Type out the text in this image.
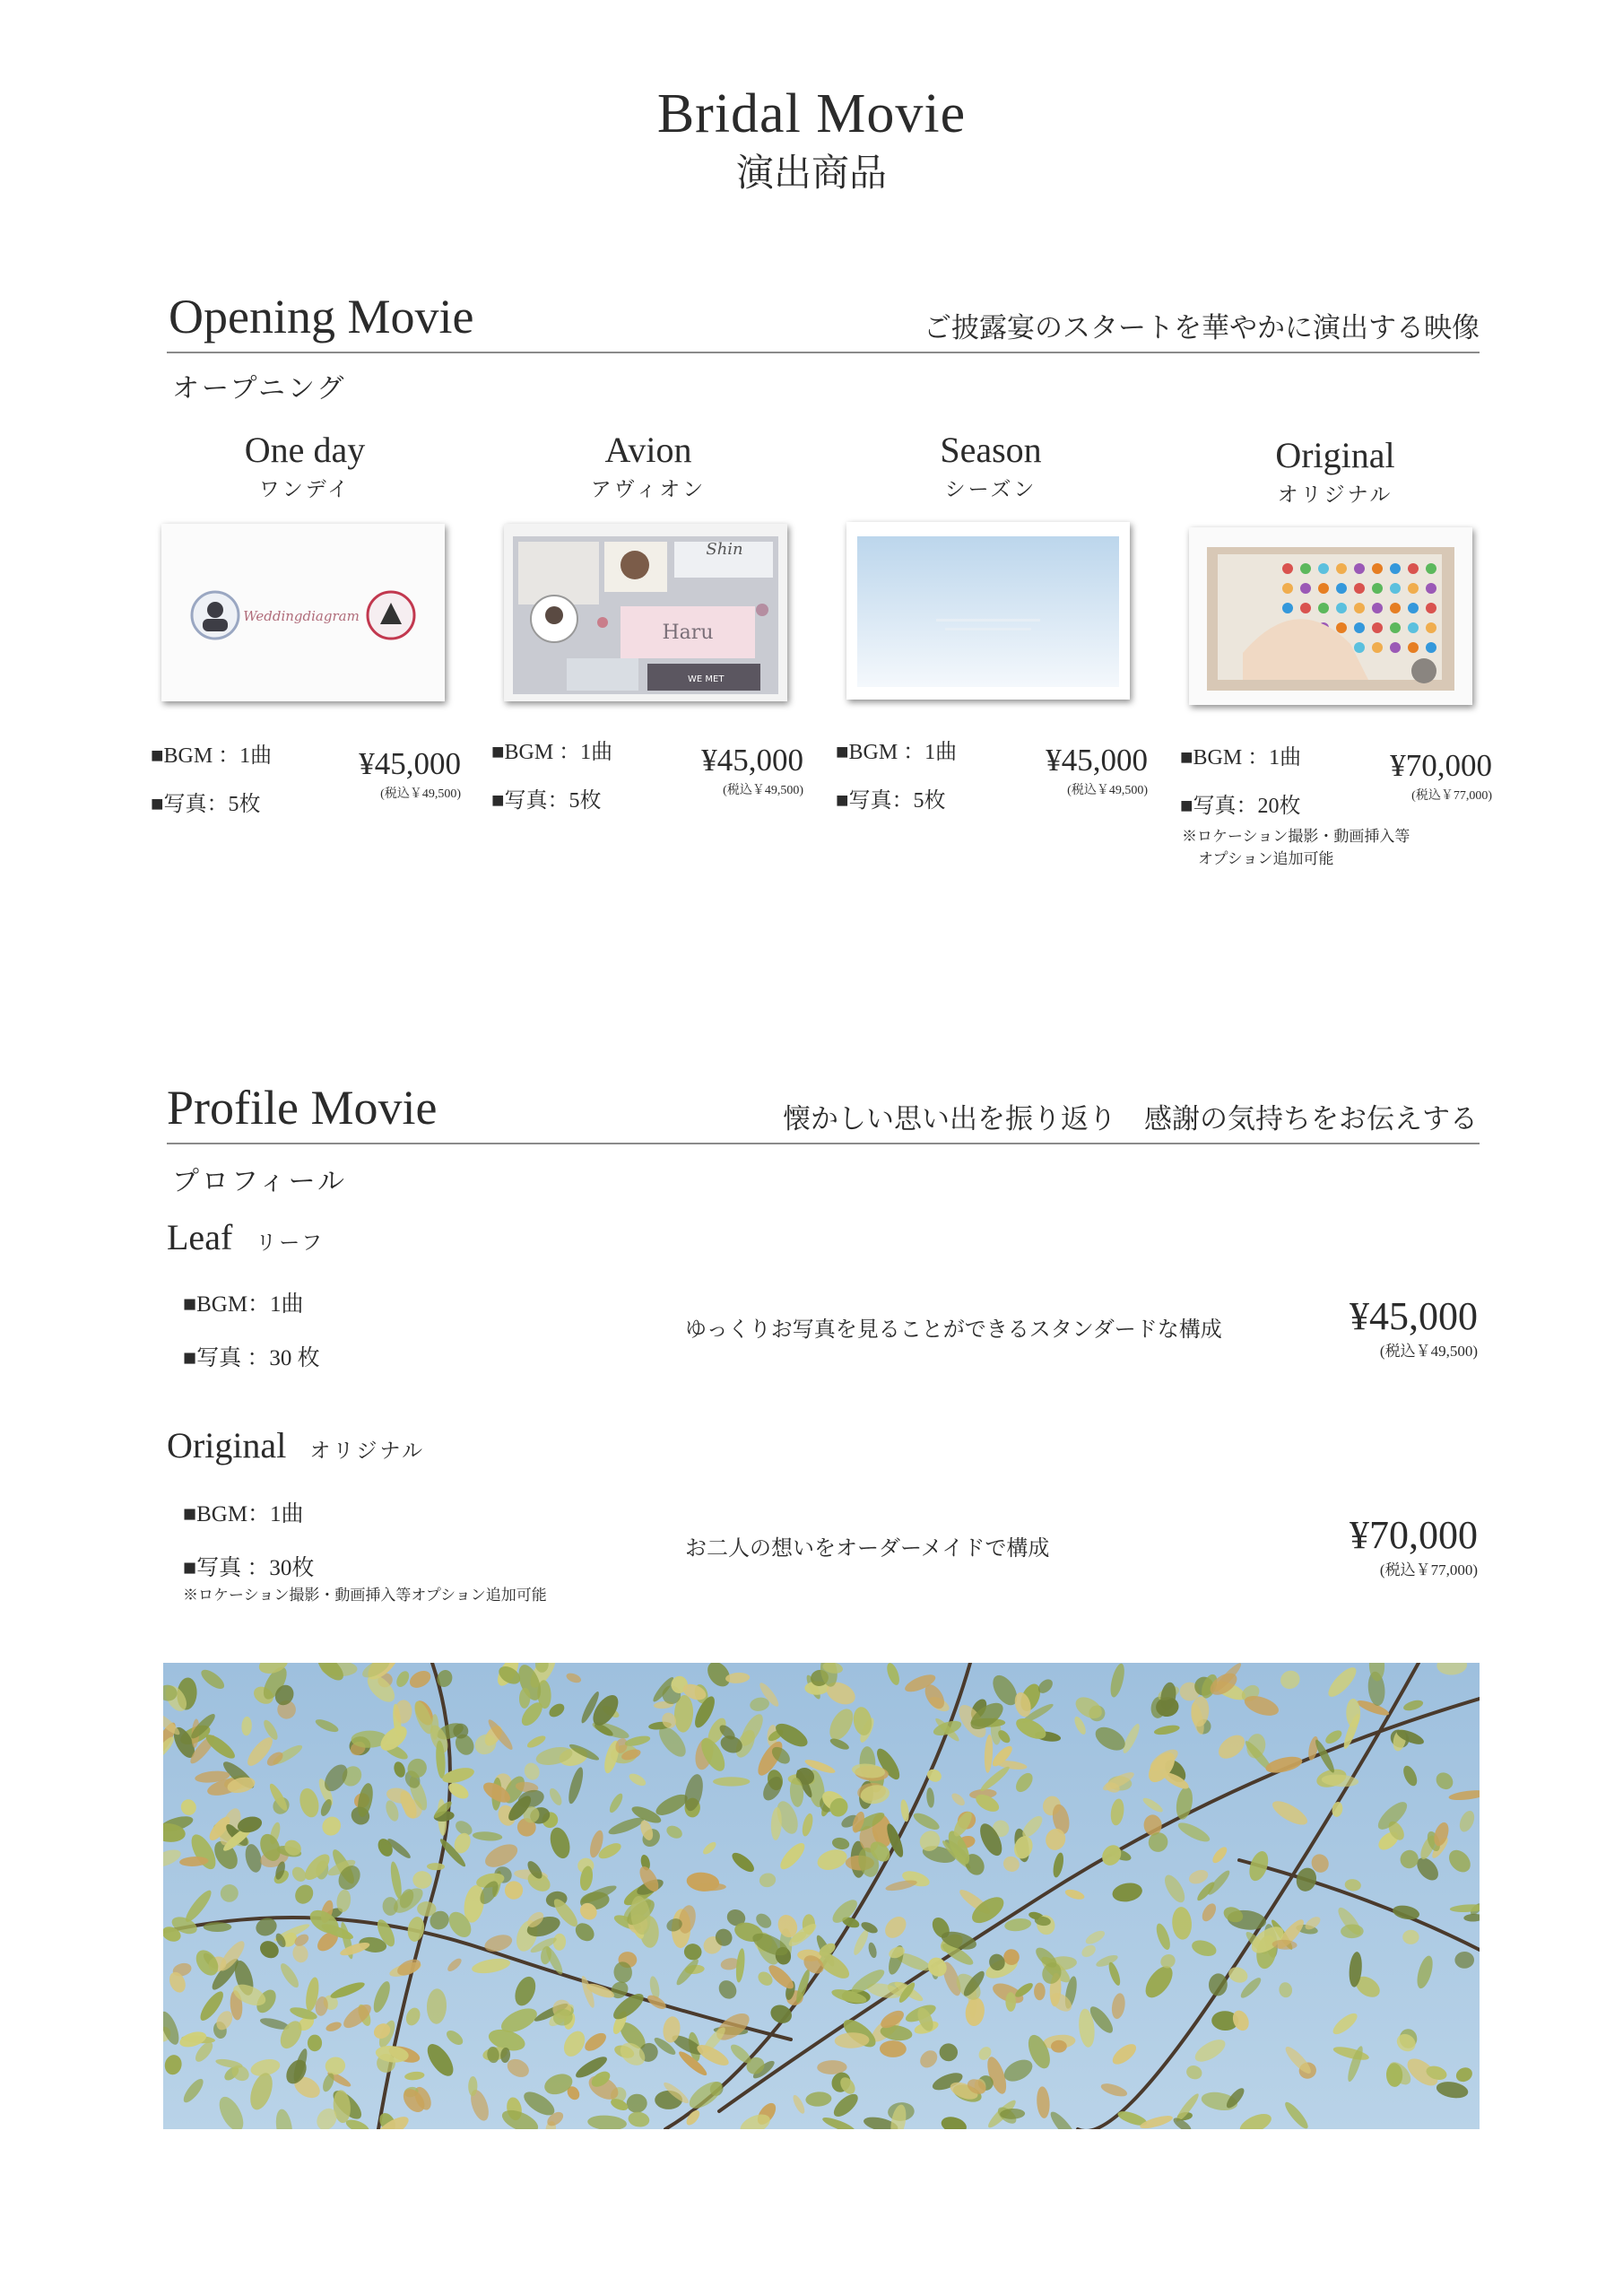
Bridal Movie
演出商品
Opening Movie	ご披露宴のスタートを華やかに演出する映像
オープニング
One day
ワンデイ
Weddingdiagram
■BGM ：1曲
■写真：5枚
¥45,000
(税込￥49,500)
Avion
アヴィオン
Shin
Haru
WE MET
■BGM ：1曲
■写真：5枚
¥45,000
(税込￥49,500)
Season
シーズン
■BGM ：1曲
■写真：5枚
¥45,000
(税込￥49,500)
Original
オリジナル
■BGM ：1曲
■写真：20枚
¥70,000
(税込￥77,000)
※ロケーション撮影・動画挿入等
オプション追加可能
Profile Movie	懐かしい思い出を振り返り　感謝の気持ちをお伝えする
プロフィール
Leaf リーフ
■BGM：1曲
■写真 ：30 枚
ゆっくりお写真を見ることができるスタンダードな構成	¥45,000
(税込￥49,500)
Original オリジナル
■BGM：1曲
■写真 ：30枚
※ロケーション撮影・動画挿入等オプション追加可能
お二人の想いをオーダーメイドで構成	¥70,000
(税込￥77,000)
